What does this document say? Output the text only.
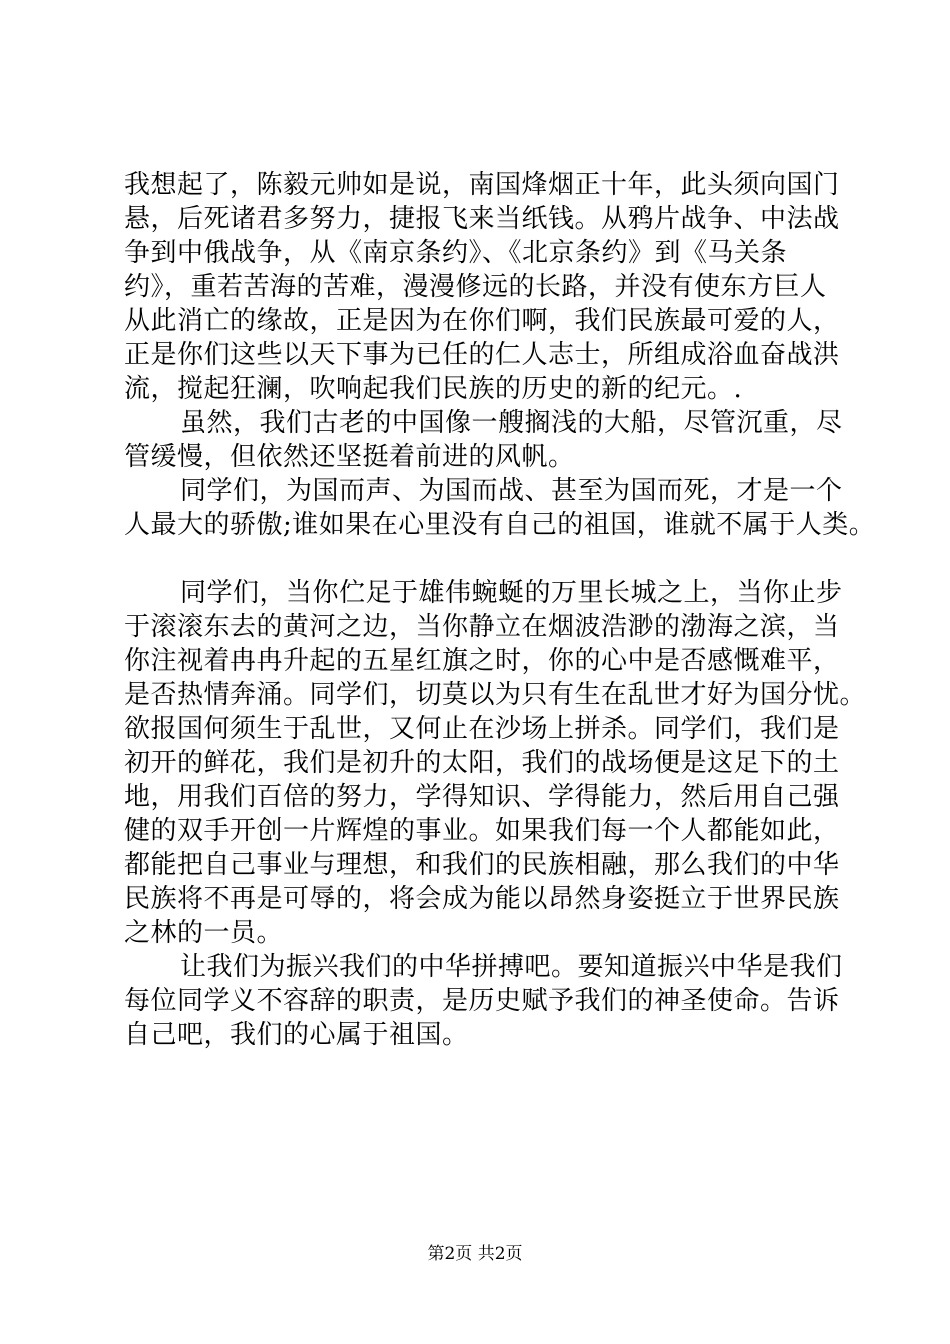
我想起了，陈毅元帅如是说，南国烽烟正十年，此头须向国门
悬，后死诸君多努力，捷报飞来当纸钱。从鸦片战争、中法战
争到中俄战争，从《南京条约》、《北京条约》到《马关条
约》，重若苦海的苦难，漫漫修远的长路，并没有使东方巨人
从此消亡的缘故，正是因为在你们啊，我们民族最可爱的人，
正是你们这些以天下事为已任的仁人志士，所组成浴血奋战洪
流，搅起狂澜，吹响起我们民族的历史的新的纪元。.
虽然，我们古老的中国像一艘搁浅的大船，尽管沉重，尽
管缓慢，但依然还坚挺着前进的风帆。
同学们，为国而声、为国而战、甚至为国而死，才是一个
人最大的骄傲;谁如果在心里没有自己的祖国，谁就不属于人类。
同学们，当你伫足于雄伟蜿蜒的万里长城之上，当你止步
于滚滚东去的黄河之边，当你静立在烟波浩渺的渤海之滨，当
你注视着冉冉升起的五星红旗之时，你的心中是否感慨难平，
是否热情奔涌。同学们，切莫以为只有生在乱世才好为国分忧。
欲报国何须生于乱世，又何止在沙场上拼杀。同学们，我们是
初开的鲜花，我们是初升的太阳，我们的战场便是这足下的土
地，用我们百倍的努力，学得知识、学得能力，然后用自己强
健的双手开创一片辉煌的事业。如果我们每一个人都能如此，
都能把自己事业与理想，和我们的民族相融，那么我们的中华
民族将不再是可辱的，将会成为能以昂然身姿挺立于世界民族
之林的一员。
让我们为振兴我们的中华拼搏吧。要知道振兴中华是我们
每位同学义不容辞的职责，是历史赋予我们的神圣使命。告诉
自己吧，我们的心属于祖国。
第2页 共2页
